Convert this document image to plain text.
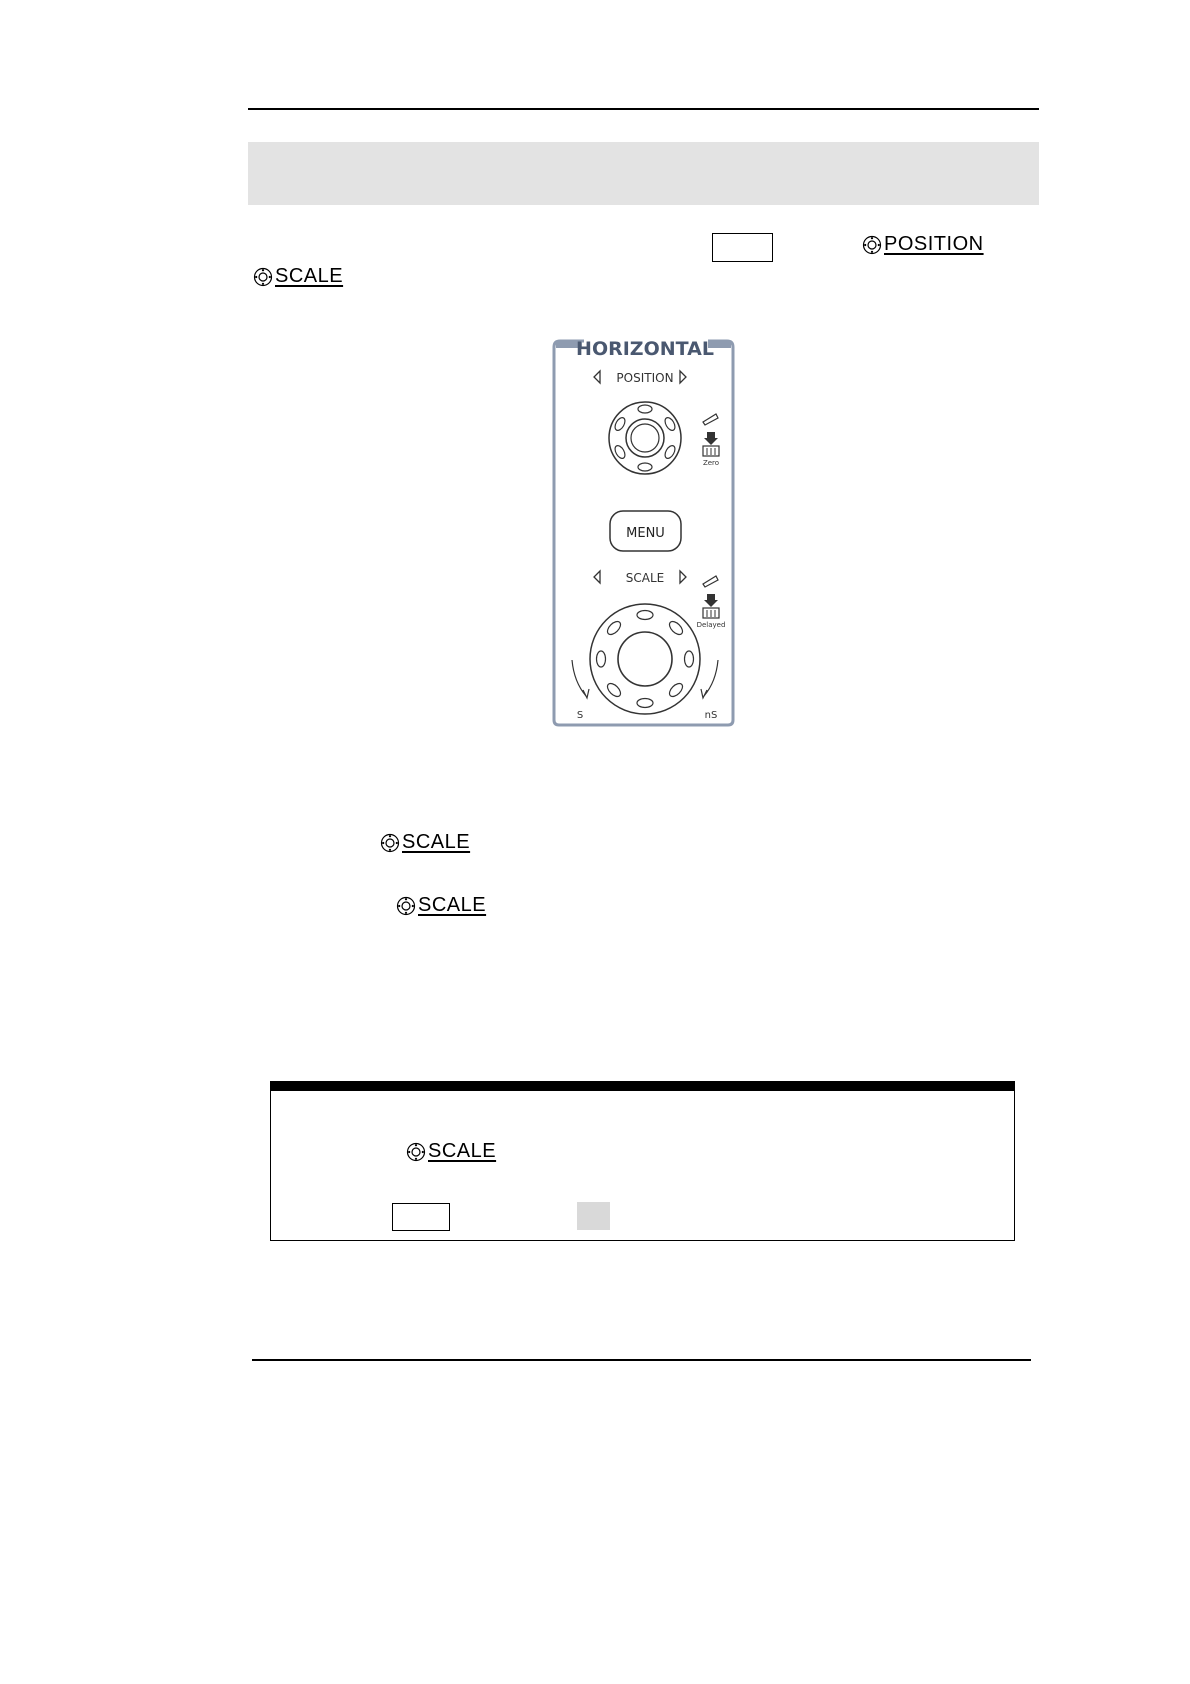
POSITION
SCALE
HORIZONTAL
POSITION
Zero
MENU
SCALE
Delayed
S	nS
SCALE
SCALE
SCALE
